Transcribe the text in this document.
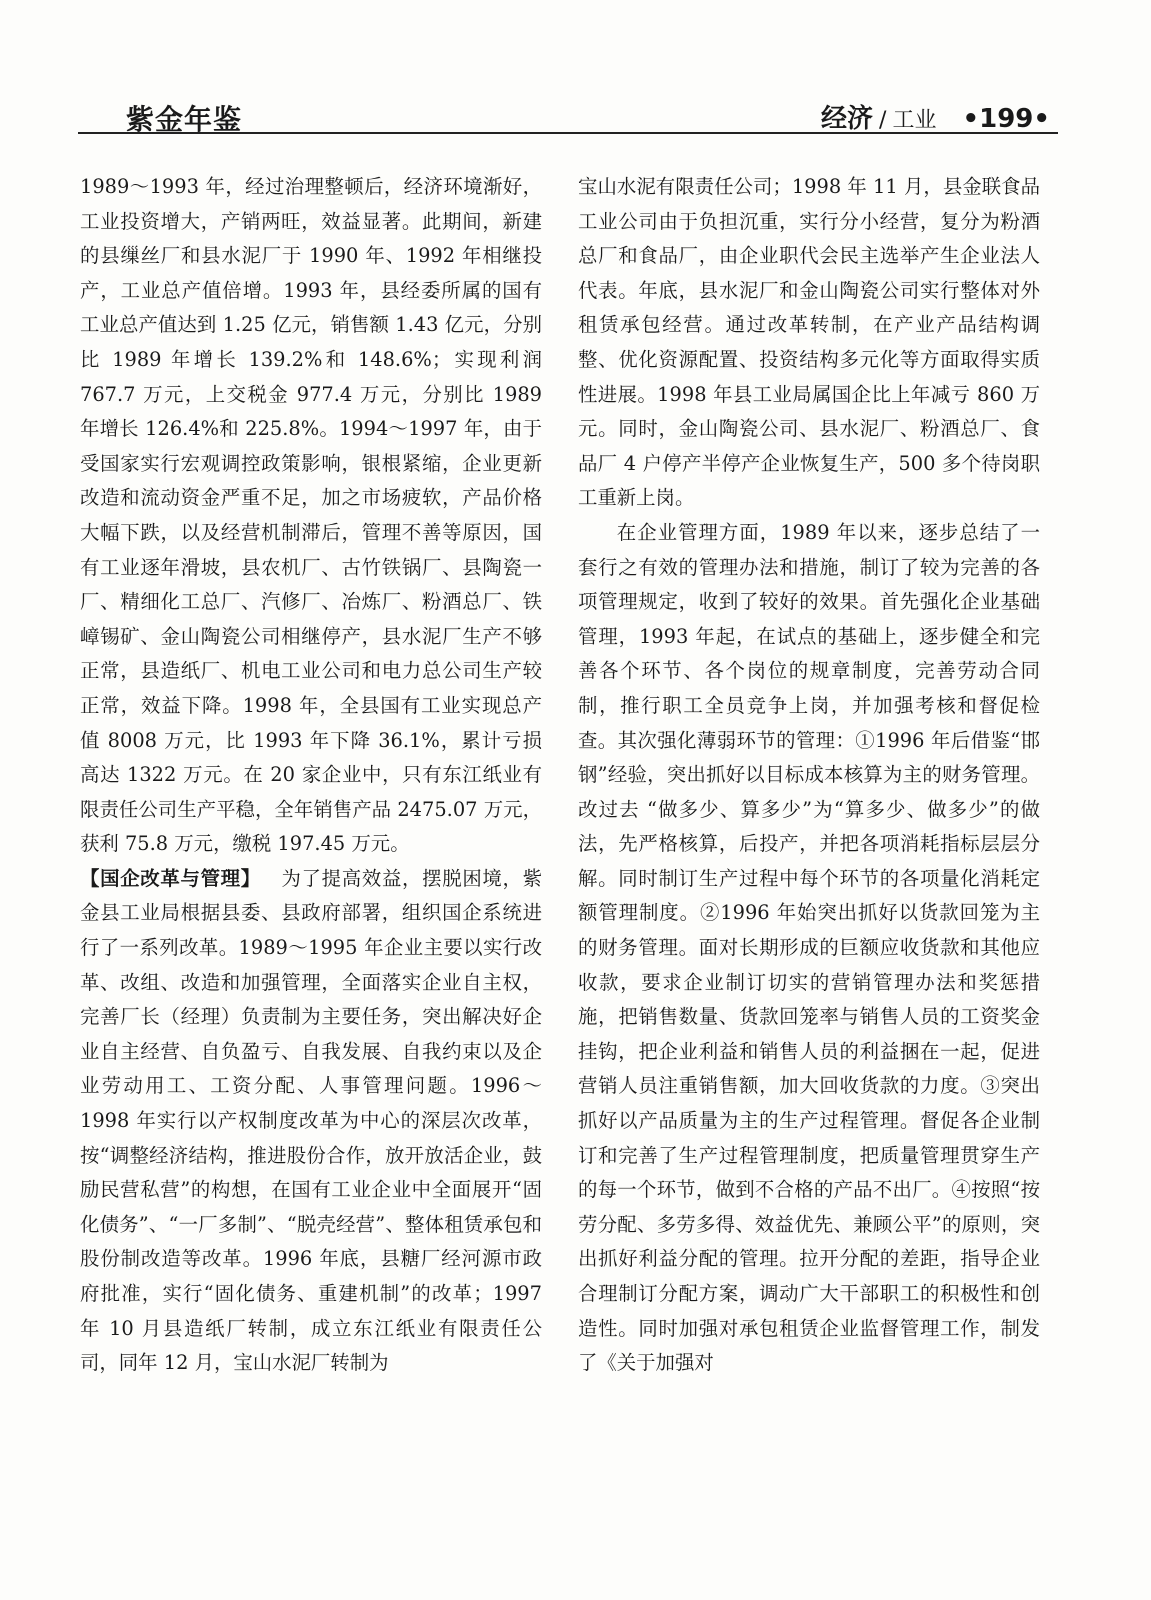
紫金年鉴	经济 / 工业 •199•

1989～1993 年，经过治理整顿后，经济环境渐好，工业投资增大，产销两旺，效益显著。此期间，新建的县缫丝厂和县水泥厂于 1990 年、1992 年相继投产，工业总产值倍增。1993 年，县经委所属的国有工业总产值达到 1.25 亿元，销售额 1.43 亿元，分别比 1989 年增长 139.2%和 148.6%；实现利润 767.7 万元，上交税金 977.4 万元，分别比 1989 年增长 126.4%和 225.8%。1994～1997 年，由于受国家实行宏观调控政策影响，银根紧缩，企业更新改造和流动资金严重不足，加之市场疲软，产品价格大幅下跌，以及经营机制滞后，管理不善等原因，国有工业逐年滑坡，县农机厂、古竹铁锅厂、县陶瓷一厂、精细化工总厂、汽修厂、冶炼厂、粉酒总厂、铁嶂锡矿、金山陶瓷公司相继停产，县水泥厂生产不够正常，县造纸厂、机电工业公司和电力总公司生产较正常，效益下降。1998 年，全县国有工业实现总产值 8008 万元，比 1993 年下降 36.1%，累计亏损高达 1322 万元。在 20 家企业中，只有东江纸业有限责任公司生产平稳，全年销售产品 2475.07 万元，获利 75.8 万元，缴税 197.45 万元。

【国企改革与管理】 为了提高效益，摆脱困境，紫金县工业局根据县委、县政府部署，组织国企系统进行了一系列改革。1989～1995 年企业主要以实行改革、改组、改造和加强管理，全面落实企业自主权，完善厂长（经理）负责制为主要任务，突出解决好企业自主经营、自负盈亏、自我发展、自我约束以及企业劳动用工、工资分配、人事管理问题。1996～1998 年实行以产权制度改革为中心的深层次改革，按“调整经济结构，推进股份合作，放开放活企业，鼓励民营私营”的构想，在国有工业企业中全面展开“固化债务”、“一厂多制”、“脱壳经营”、整体租赁承包和股份制改造等改革。1996 年底，县糖厂经河源市政府批准，实行“固化债务、重建机制”的改革；1997 年 10 月县造纸厂转制，成立东江纸业有限责任公司，同年 12 月，宝山水泥厂转制为

宝山水泥有限责任公司；1998 年 11 月，县金联食品工业公司由于负担沉重，实行分小经营，复分为粉酒总厂和食品厂，由企业职代会民主选举产生企业法人代表。年底，县水泥厂和金山陶瓷公司实行整体对外租赁承包经营。通过改革转制，在产业产品结构调整、优化资源配置、投资结构多元化等方面取得实质性进展。1998 年县工业局属国企比上年减亏 860 万元。同时，金山陶瓷公司、县水泥厂、粉酒总厂、食品厂 4 户停产半停产企业恢复生产，500 多个待岗职工重新上岗。

在企业管理方面，1989 年以来，逐步总结了一套行之有效的管理办法和措施，制订了较为完善的各项管理规定，收到了较好的效果。首先强化企业基础管理，1993 年起，在试点的基础上，逐步健全和完善各个环节、各个岗位的规章制度，完善劳动合同制，推行职工全员竞争上岗，并加强考核和督促检查。其次强化薄弱环节的管理：①1996 年后借鉴“邯钢”经验，突出抓好以目标成本核算为主的财务管理。改过去 “做多少、算多少”为“算多少、做多少”的做法，先严格核算，后投产，并把各项消耗指标层层分解。同时制订生产过程中每个环节的各项量化消耗定额管理制度。②1996 年始突出抓好以货款回笼为主的财务管理。面对长期形成的巨额应收货款和其他应收款，要求企业制订切实的营销管理办法和奖惩措施，把销售数量、货款回笼率与销售人员的工资奖金挂钩，把企业利益和销售人员的利益捆在一起，促进营销人员注重销售额，加大回收货款的力度。③突出抓好以产品质量为主的生产过程管理。督促各企业制订和完善了生产过程管理制度，把质量管理贯穿生产的每一个环节，做到不合格的产品不出厂。④按照“按劳分配、多劳多得、效益优先、兼顾公平”的原则，突出抓好利益分配的管理。拉开分配的差距，指导企业合理制订分配方案，调动广大干部职工的积极性和创造性。同时加强对承包租赁企业监督管理工作，制发了《关于加强对
